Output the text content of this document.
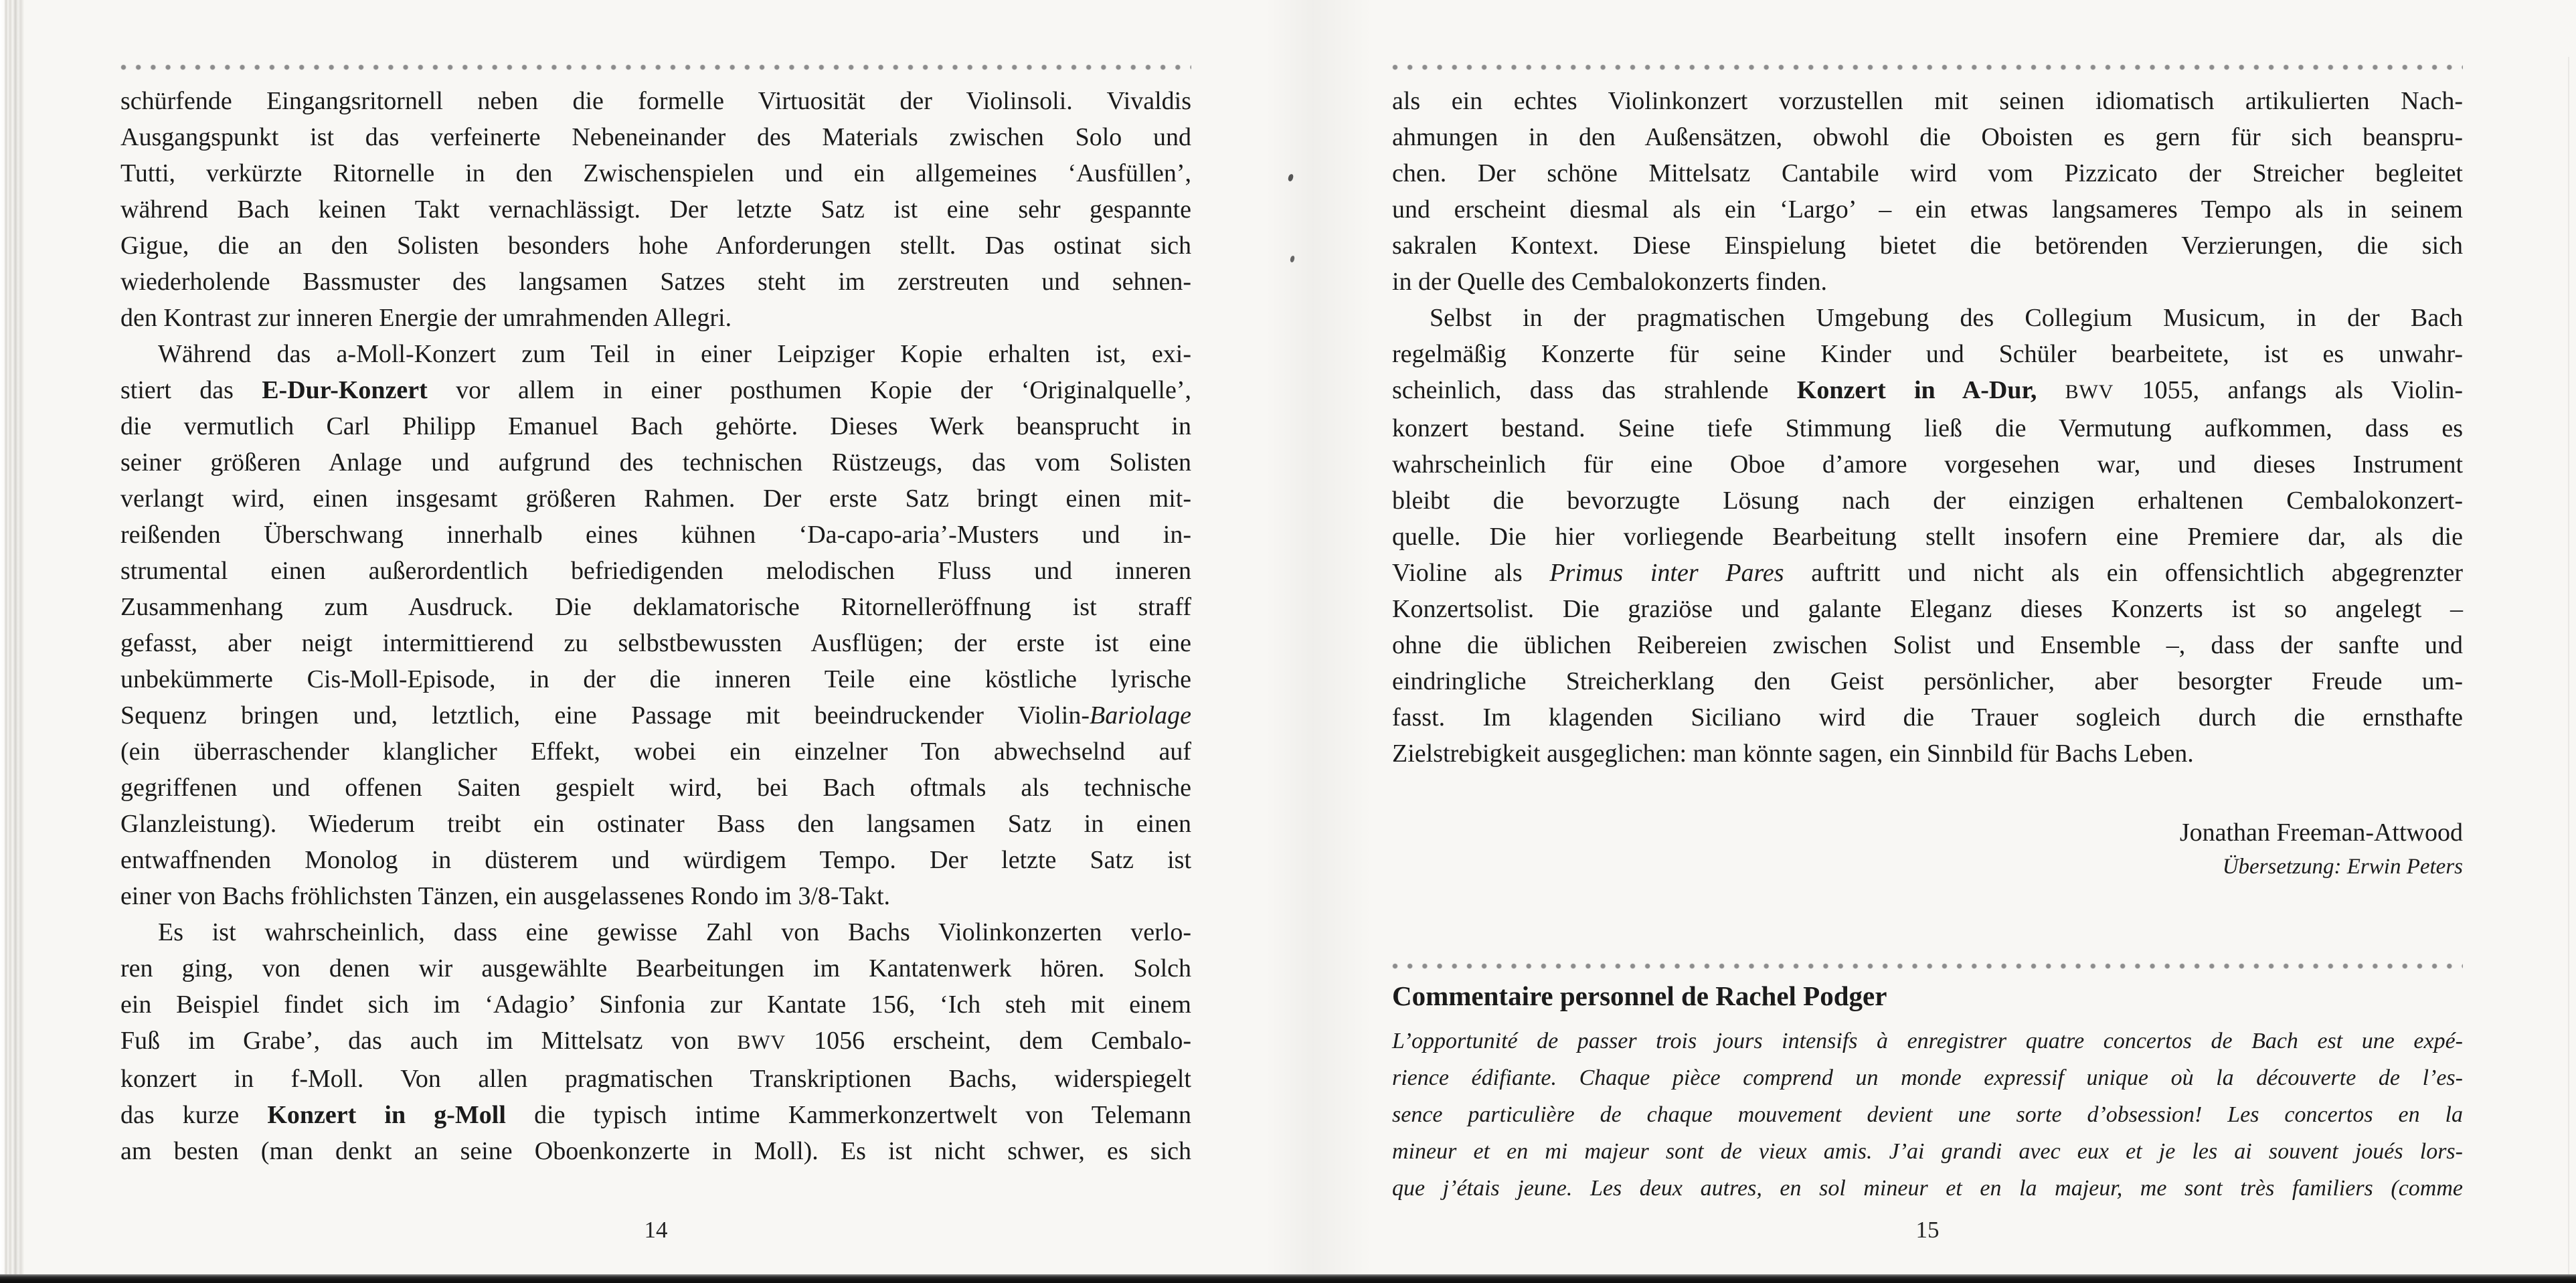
schürfende Eingangsritornell neben die formelle Virtuosität der Violinsoli. Vivaldis
Ausgangspunkt ist das verfeinerte Nebeneinander des Materials zwischen Solo und
Tutti, verkürzte Ritornelle in den Zwischenspielen und ein allgemeines ‘Ausfüllen’,
während Bach keinen Takt vernachlässigt. Der letzte Satz ist eine sehr gespannte
Gigue, die an den Solisten besonders hohe Anforderungen stellt. Das ostinat sich
wiederholende Bassmuster des langsamen Satzes steht im zerstreuten und sehnen-
den Kontrast zur inneren Energie der umrahmenden Allegri.
Während das a-Moll-Konzert zum Teil in einer Leipziger Kopie erhalten ist, exi-
stiert das E-Dur-Konzert vor allem in einer posthumen Kopie der ‘Originalquelle’,
die vermutlich Carl Philipp Emanuel Bach gehörte. Dieses Werk beansprucht in
seiner größeren Anlage und aufgrund des technischen Rüstzeugs, das vom Solisten
verlangt wird, einen insgesamt größeren Rahmen. Der erste Satz bringt einen mit-
reißenden Überschwang innerhalb eines kühnen ‘Da-capo-aria’-Musters und in-
strumental einen außerordentlich befriedigenden melodischen Fluss und inneren
Zusammenhang zum Ausdruck. Die deklamatorische Ritornelleröffnung ist straff
gefasst, aber neigt intermittierend zu selbstbewussten Ausflügen; der erste ist eine
unbekümmerte Cis-Moll-Episode, in der die inneren Teile eine köstliche lyrische
Sequenz bringen und, letztlich, eine Passage mit beeindruckender Violin-Bariolage
(ein überraschender klanglicher Effekt, wobei ein einzelner Ton abwechselnd auf
gegriffenen und offenen Saiten gespielt wird, bei Bach oftmals als technische
Glanzleistung). Wiederum treibt ein ostinater Bass den langsamen Satz in einen
entwaffnenden Monolog in düsterem und würdigem Tempo. Der letzte Satz ist
einer von Bachs fröhlichsten Tänzen, ein ausgelassenes Rondo im 3/8-Takt.
Es ist wahrscheinlich, dass eine gewisse Zahl von Bachs Violinkonzerten verlo-
ren ging, von denen wir ausgewählte Bearbeitungen im Kantatenwerk hören. Solch
ein Beispiel findet sich im ‘Adagio’ Sinfonia zur Kantate 156, ‘Ich steh mit einem
Fuß im Grabe’, das auch im Mittelsatz von BWV 1056 erscheint, dem Cembalo-
konzert in f-Moll. Von allen pragmatischen Transkriptionen Bachs, widerspiegelt
das kurze Konzert in g-Moll die typisch intime Kammerkonzertwelt von Telemann
am besten (man denkt an seine Oboenkonzerte in Moll). Es ist nicht schwer, es sich
14
als ein echtes Violinkonzert vorzustellen mit seinen idiomatisch artikulierten Nach-
ahmungen in den Außensätzen, obwohl die Oboisten es gern für sich beanspru-
chen. Der schöne Mittelsatz Cantabile wird vom Pizzicato der Streicher begleitet
und erscheint diesmal als ein ‘Largo’ – ein etwas langsameres Tempo als in seinem
sakralen Kontext. Diese Einspielung bietet die betörenden Verzierungen, die sich
in der Quelle des Cembalokonzerts finden.
Selbst in der pragmatischen Umgebung des Collegium Musicum, in der Bach
regelmäßig Konzerte für seine Kinder und Schüler bearbeitete, ist es unwahr-
scheinlich, dass das strahlende Konzert in A-Dur, BWV 1055, anfangs als Violin-
konzert bestand. Seine tiefe Stimmung ließ die Vermutung aufkommen, dass es
wahrscheinlich für eine Oboe d’amore vorgesehen war, und dieses Instrument
bleibt die bevorzugte Lösung nach der einzigen erhaltenen Cembalokonzert-
quelle. Die hier vorliegende Bearbeitung stellt insofern eine Premiere dar, als die
Violine als Primus inter Pares auftritt und nicht als ein offensichtlich abgegrenzter
Konzertsolist. Die graziöse und galante Eleganz dieses Konzerts ist so angelegt –
ohne die üblichen Reibereien zwischen Solist und Ensemble –, dass der sanfte und
eindringliche Streicherklang den Geist persönlicher, aber besorgter Freude um-
fasst. Im klagenden Siciliano wird die Trauer sogleich durch die ernsthafte
Zielstrebigkeit ausgeglichen: man könnte sagen, ein Sinnbild für Bachs Leben.
Jonathan Freeman-Attwood
Übersetzung: Erwin Peters
Commentaire personnel de Rachel Podger
L’opportunité de passer trois jours intensifs à enregistrer quatre concertos de Bach est une expé-
rience édifiante. Chaque pièce comprend un monde expressif unique où la découverte de l’es-
sence particulière de chaque mouvement devient une sorte d’obsession! Les concertos en la
mineur et en mi majeur sont de vieux amis. J’ai grandi avec eux et je les ai souvent joués lors-
que j’étais jeune. Les deux autres, en sol mineur et en la majeur, me sont très familiers (comme
15
